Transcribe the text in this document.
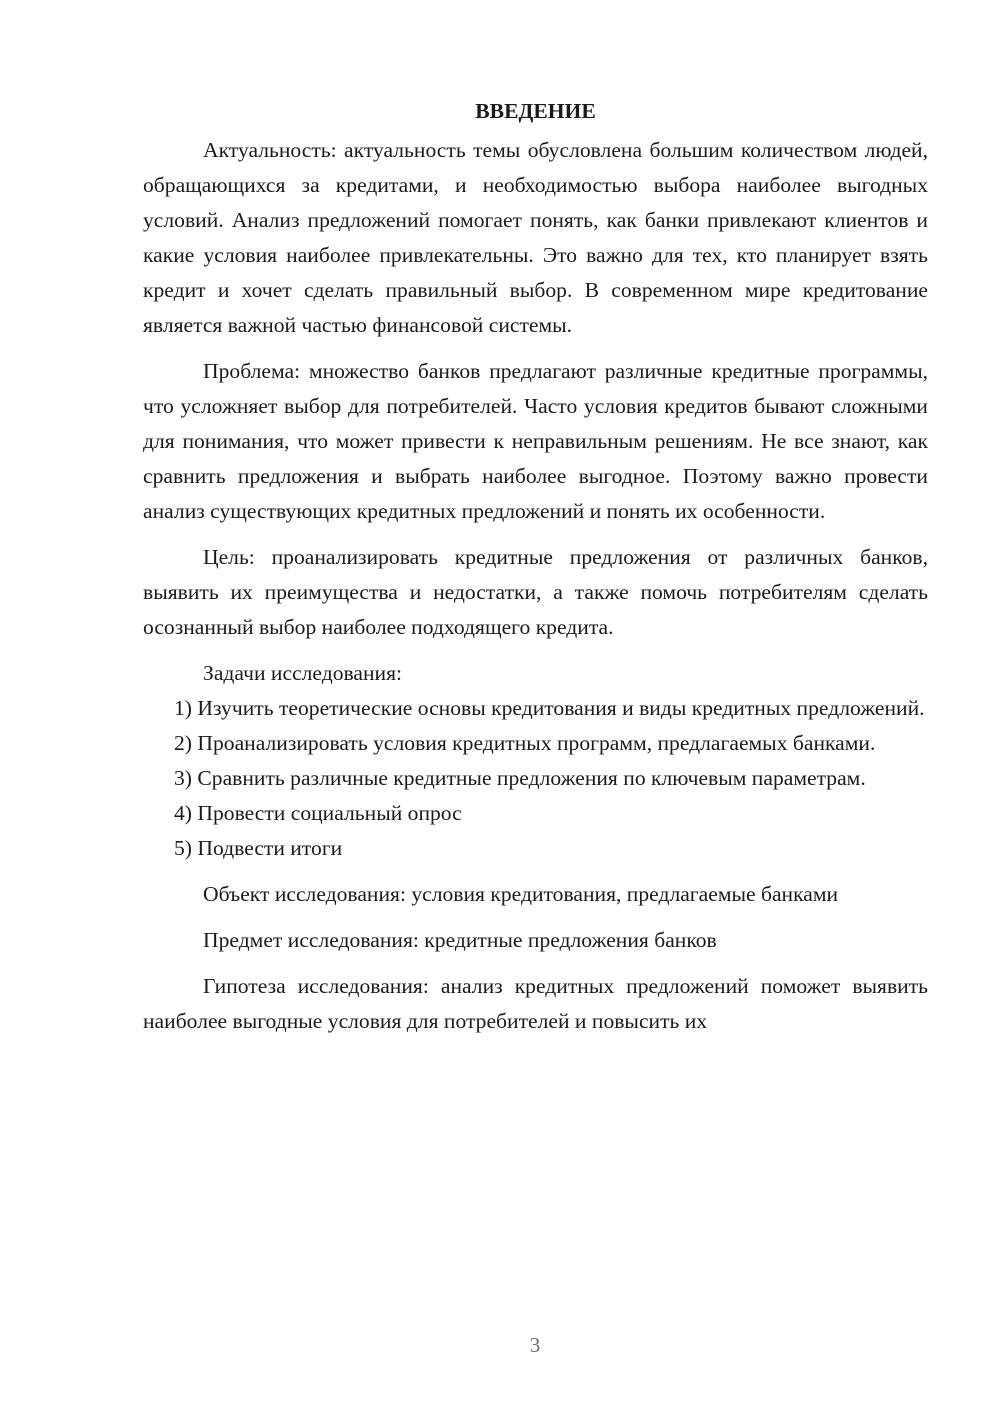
ВВЕДЕНИЕ

Актуальность: актуальность темы обусловлена большим количеством людей, обращающихся за кредитами, и необходимостью выбора наиболее выгодных условий. Анализ предложений помогает понять, как банки привлекают клиентов и какие условия наиболее привлекательны. Это важно для тех, кто планирует взять кредит и хочет сделать правильный выбор. В современном мире кредитование является важной частью финансовой системы.

Проблема: множество банков предлагают различные кредитные программы, что усложняет выбор для потребителей. Часто условия кредитов бывают сложными для понимания, что может привести к неправильным решениям. Не все знают, как сравнить предложения и выбрать наиболее выгодное. Поэтому важно провести анализ существующих кредитных предложений и понять их особенности.

Цель: проанализировать кредитные предложения от различных банков, выявить их преимущества и недостатки, а также помочь потребителям сделать осознанный выбор наиболее подходящего кредита.

Задачи исследования:

1) Изучить теоретические основы кредитования и виды кредитных предложений.

2) Проанализировать условия кредитных программ, предлагаемых банками.

3) Сравнить различные кредитные предложения по ключевым параметрам.

4) Провести социальный опрос

5) Подвести итоги

Объект исследования: условия кредитования, предлагаемые банками

Предмет исследования: кредитные предложения банков

Гипотеза исследования: анализ кредитных предложений поможет выявить наиболее выгодные условия для потребителей и повысить их

3
